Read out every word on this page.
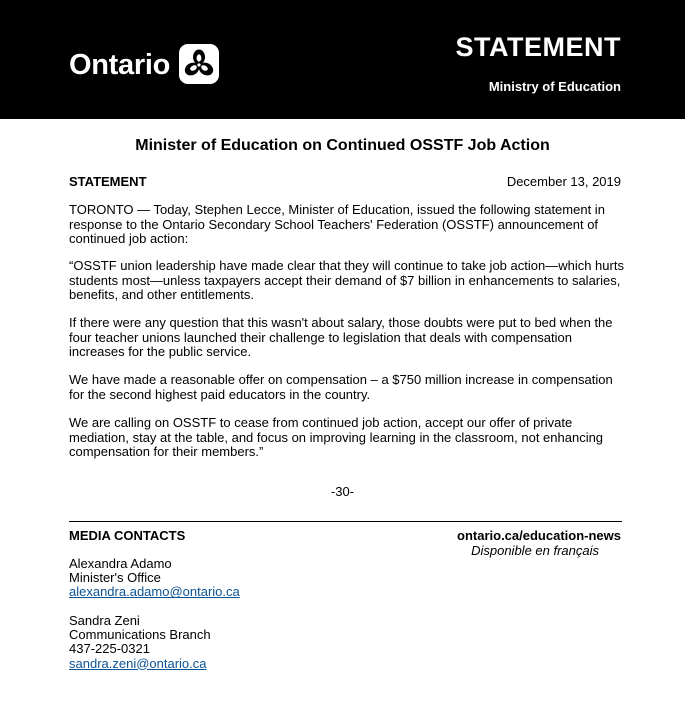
Ontario
STATEMENT
Ministry of Education
Minister of Education on Continued OSSTF Job Action
STATEMENT	December 13, 2019
TORONTO — Today, Stephen Lecce, Minister of Education, issued the following statement in response to the Ontario Secondary School Teachers' Federation (OSSTF) announcement of continued job action:
“OSSTF union leadership have made clear that they will continue to take job action—which hurts students most—unless taxpayers accept their demand of $7 billion in enhancements to salaries, benefits, and other entitlements.
If there were any question that this wasn't about salary, those doubts were put to bed when the four teacher unions launched their challenge to legislation that deals with compensation increases for the public service.
We have made a reasonable offer on compensation – a $750 million increase in compensation for the second highest paid educators in the country.
We are calling on OSSTF to cease from continued job action, accept our offer of private mediation, stay at the table, and focus on improving learning in the classroom, not enhancing compensation for their members.”
-30-
MEDIA CONTACTS	ontario.ca/education-news
Disponible en français
Alexandra Adamo
Minister's Office
alexandra.adamo@ontario.ca
Sandra Zeni
Communications Branch
437-225-0321
sandra.zeni@ontario.ca
